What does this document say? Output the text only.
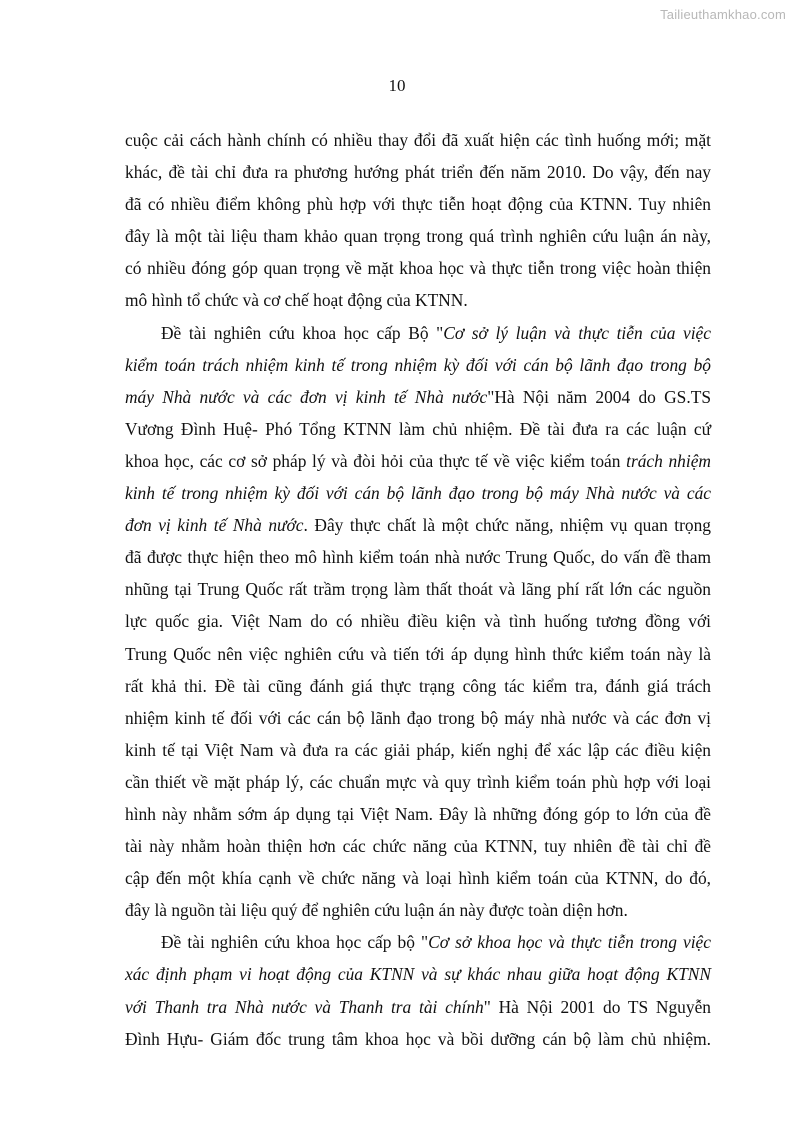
Tailieuthamkhao.com
10
cuộc cải cách hành chính có nhiều thay đổi đã xuất hiện các tình huống mới; mặt
khác, đề tài chỉ đưa ra phương hướng phát triển đến năm 2010. Do vậy, đến nay
đã có nhiều điểm không phù hợp với thực tiễn hoạt động của KTNN. Tuy nhiên
đây là một tài liệu tham khảo quan trọng trong quá trình nghiên cứu luận án này,
có nhiều đóng góp quan trọng về mặt khoa học và thực tiễn trong việc hoàn thiện
mô hình tổ chức và cơ chế hoạt động của KTNN.
Đề tài nghiên cứu khoa học cấp Bộ "Cơ sở lý luận và thực tiễn của việc
kiểm toán trách nhiệm kinh tế trong nhiệm kỳ đối với cán bộ lãnh đạo trong bộ
máy Nhà nước và các đơn vị kinh tế Nhà nước"Hà Nội năm 2004 do GS.TS
Vương Đình Huệ- Phó Tổng KTNN làm chủ nhiệm. Đề tài đưa ra các luận cứ
khoa học, các cơ sở pháp lý và đòi hỏi của thực tế về việc kiểm toán trách nhiệm
kinh tế trong nhiệm kỳ đối với cán bộ lãnh đạo trong bộ máy Nhà nước và các
đơn vị kinh tế Nhà nước. Đây thực chất là một chức năng, nhiệm vụ quan trọng
đã được thực hiện theo mô hình kiểm toán nhà nước Trung Quốc, do vấn đề tham
nhũng tại Trung Quốc rất trầm trọng làm thất thoát và lãng phí rất lớn các nguồn
lực quốc gia. Việt Nam do có nhiều điều kiện và tình huống tương đồng với
Trung Quốc nên việc nghiên cứu và tiến tới áp dụng hình thức kiểm toán này là
rất khả thi. Đề tài cũng đánh giá thực trạng công tác kiểm tra, đánh giá trách
nhiệm kinh tế đối với các cán bộ lãnh đạo trong bộ máy nhà nước và các đơn vị
kinh tế tại Việt Nam và đưa ra các giải pháp, kiến nghị để xác lập các điều kiện
cần thiết về mặt pháp lý, các chuẩn mực và quy trình kiểm toán phù hợp với loại
hình này nhằm sớm áp dụng tại Việt Nam. Đây là những đóng góp to lớn của đề
tài này nhằm hoàn thiện hơn các chức năng của KTNN, tuy nhiên đề tài chỉ đề
cập đến một khía cạnh về chức năng và loại hình kiểm toán của KTNN, do đó,
đây là nguồn tài liệu quý để nghiên cứu luận án này được toàn diện hơn.
Đề tài nghiên cứu khoa học cấp bộ "Cơ sở khoa học và thực tiễn trong việc
xác định phạm vi hoạt động của KTNN và sự khác nhau giữa hoạt động KTNN
với Thanh tra Nhà nước và Thanh tra tài chính" Hà Nội 2001 do TS Nguyễn
Đình Hựu- Giám đốc trung tâm khoa học và bồi dưỡng cán bộ làm chủ nhiệm.
